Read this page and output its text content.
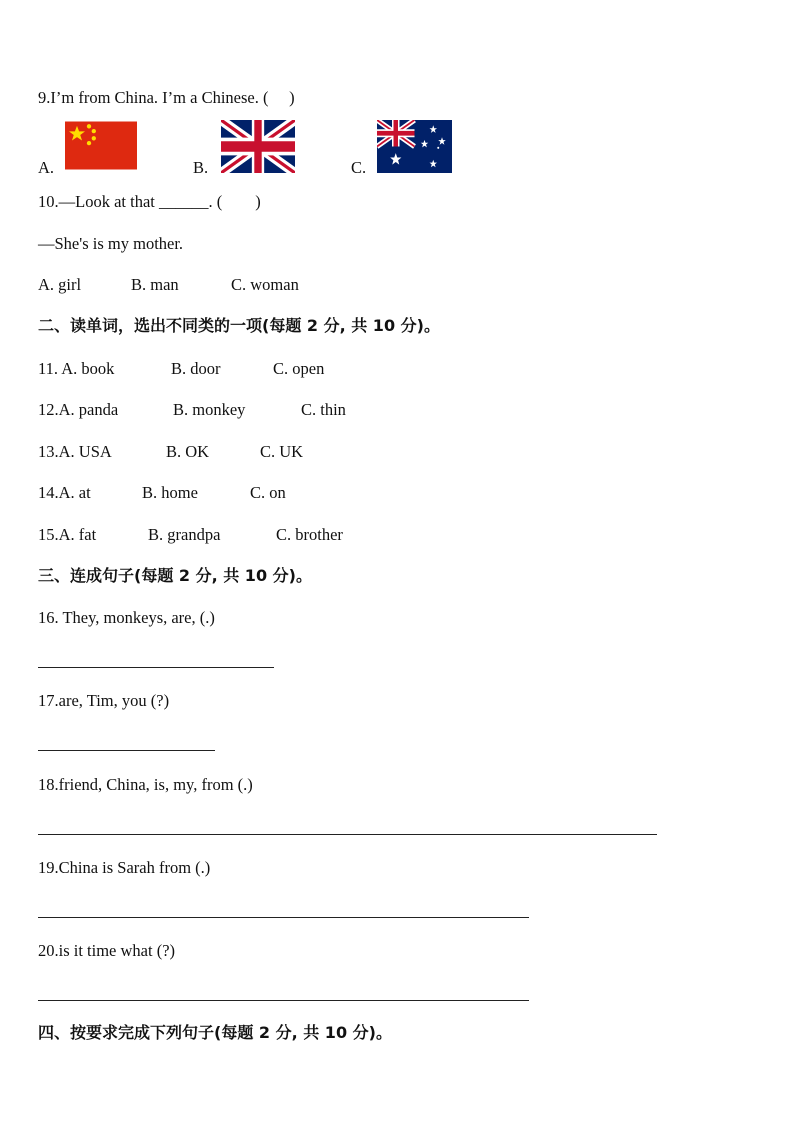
9.I’m from China. I’m a Chinese. (     )
A.	B.	C.
10.—Look at that ______. (        )
—She's is my mother.
A. girl	B. man	C. woman
二、读单词，选出不同类的一项(每题 2 分, 共 10 分)。
11. A. book	B. door	C. open
12.A. panda	B. monkey	C. thin
13.A. USA	B. OK	C. UK
14.A. at	B. home	C. on
15.A. fat	B. grandpa	C. brother
三、连成句子(每题 2 分, 共 10 分)。
16. They, monkeys, are, (.)
17.are, Tim, you (?)
18.friend, China, is, my, from (.)
19.China is Sarah from (.)
20.is it time what (?)
四、按要求完成下列句子(每题 2 分, 共 10 分)。
